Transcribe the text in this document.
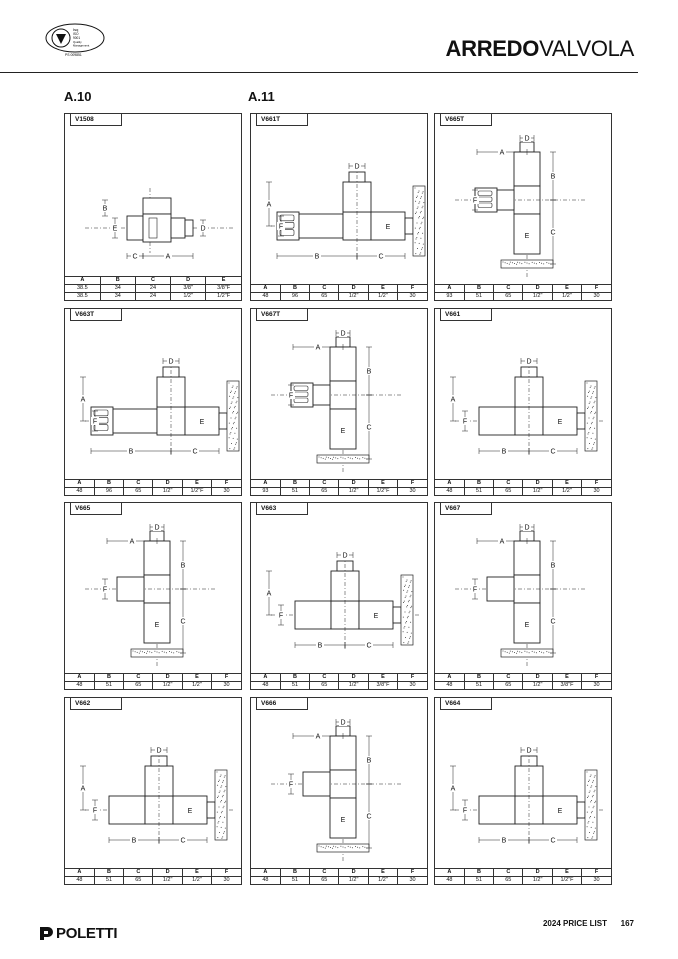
Isq
ISO
9001
Quality
Management
PS 009851	ARREDOVALVOLA
A.10	A.11
V1508
B
E
C	A
D
A	B	C	D	E
38.5	34	24	3/8"	3/8"F
38.5	34	24	1/2"	1/2"F
V661T
E
D
A
F
B	C
A	B	C	D	E	F
48	96	65	1/2"	1/2"	30
V665T
E
D
A
B
C
F
A	B	C	D	E	F
93	51	65	1/2"	1/2"	30
V663T
E
D
A
F
B	C
A	B	C	D	E	F
48	96	65	1/2"	1/2"F	30
V667T
E
D
A
B
C
F
A	B	C	D	E	F
93	51	65	1/2"	1/2"F	30
V661
E
D
A
F
B	C
A	B	C	D	E	F
48	51	65	1/2"	1/2"	30
V665
E
D
A
B
C
F
A	B	C	D	E	F
48	51	65	1/2"	1/2"	30
V663
E
D
A
F
B	C
A	B	C	D	E	F
48	51	65	1/2"	3/8"F	30
V667
E
D
A
B
C
F
A	B	C	D	E	F
48	51	65	1/2"	3/8"F	30
V662
E
D
A
F
B	C
A	B	C	D	E	F
48	51	65	1/2"	1/2"	30
V666
E
D
A
B
C
F
A	B	C	D	E	F
48	51	65	1/2"	1/2"	30
V664
E
D
A
F
B	C
A	B	C	D	E	F
48	51	65	1/2"	1/2"F	30
POLETTI
2024 PRICE LIST 167
